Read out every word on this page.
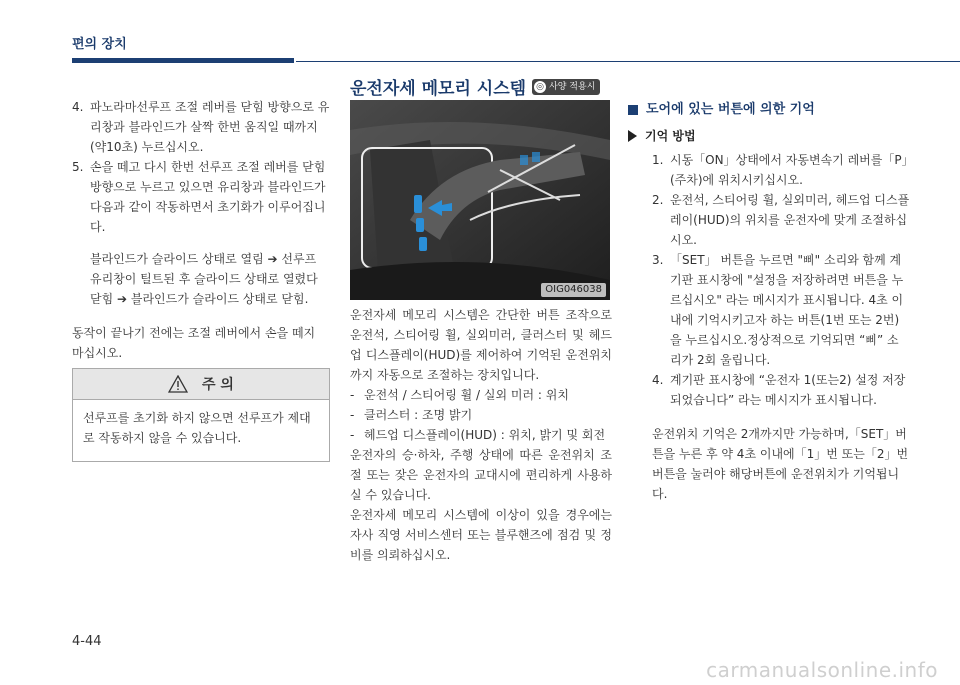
편의 장치
4. 파노라마선루프 조절 레버를 닫힘 방향으로 유리창과 블라인드가 살짝 한번 움직일 때까지(약10초) 누르십시오.
5. 손을 떼고 다시 한번 선루프 조절 레버를 닫힘 방향으로 누르고 있으면 유리창과 블라인드가 다음과 같이 작동하면서 초기화가 이루어집니다.
블라인드가 슬라이드 상태로 열림 ➔ 선루프 유리창이 틸트된 후 슬라이드 상태로 열렸다 닫힘 ➔ 블라인드가 슬라이드 상태로 닫힘.
동작이 끝나기 전에는 조절 레버에서 손을 떼지 마십시오.
주 의
선루프를 초기화 하지 않으면 선루프가 제대로 작동하지 않을 수 있습니다.
운전자세 메모리 시스템 ◎ 사양 적용시
OIG046038
운전자세 메모리 시스템은 간단한 버튼 조작으로 운전석, 스티어링 휠, 실외미러, 클러스터 및 헤드업 디스플레이(HUD)를 제어하여 기억된 운전위치까지 자동으로 조절하는 장치입니다.
- 운전석 / 스티어링 휠 / 실외 미러 : 위치
- 클러스터 : 조명 밝기
- 헤드업 디스플레이(HUD) : 위치, 밝기 및 회전
운전자의 승·하차, 주행 상태에 따른 운전위치 조절 또는 잦은 운전자의 교대시에 편리하게 사용하실 수 있습니다.
운전자세 메모리 시스템에 이상이 있을 경우에는 자사 직영 서비스센터 또는 블루핸즈에 점검 및 정비를 의뢰하십시오.
도어에 있는 버튼에 의한 기억
기억 방법
1. 시동「ON」상태에서 자동변속기 레버를「P」(주차)에 위치시키십시오.
2. 운전석, 스티어링 휠, 실외미러, 헤드업 디스플레이(HUD)의 위치를 운전자에 맞게 조절하십시오.
3. 「SET」 버튼을 누르면 "삐" 소리와 함께 계기판 표시창에 "설정을 저장하려면 버튼을 누르십시오" 라는 메시지가 표시됩니다. 4초 이내에 기억시키고자 하는 버튼(1번 또는 2번)을 누르십시오.정상적으로 기억되면 “삐” 소리가 2회 울립니다.
4. 계기판 표시창에 “운전자 1(또는2) 설정 저장되었습니다” 라는 메시지가 표시됩니다.
운전위치 기억은 2개까지만 가능하며,「SET」버튼을 누른 후 약 4초 이내에「1」번 또는「2」번 버튼을 눌러야 해당버튼에 운전위치가 기억됩니다.
4-44
carmanualsonline.info
